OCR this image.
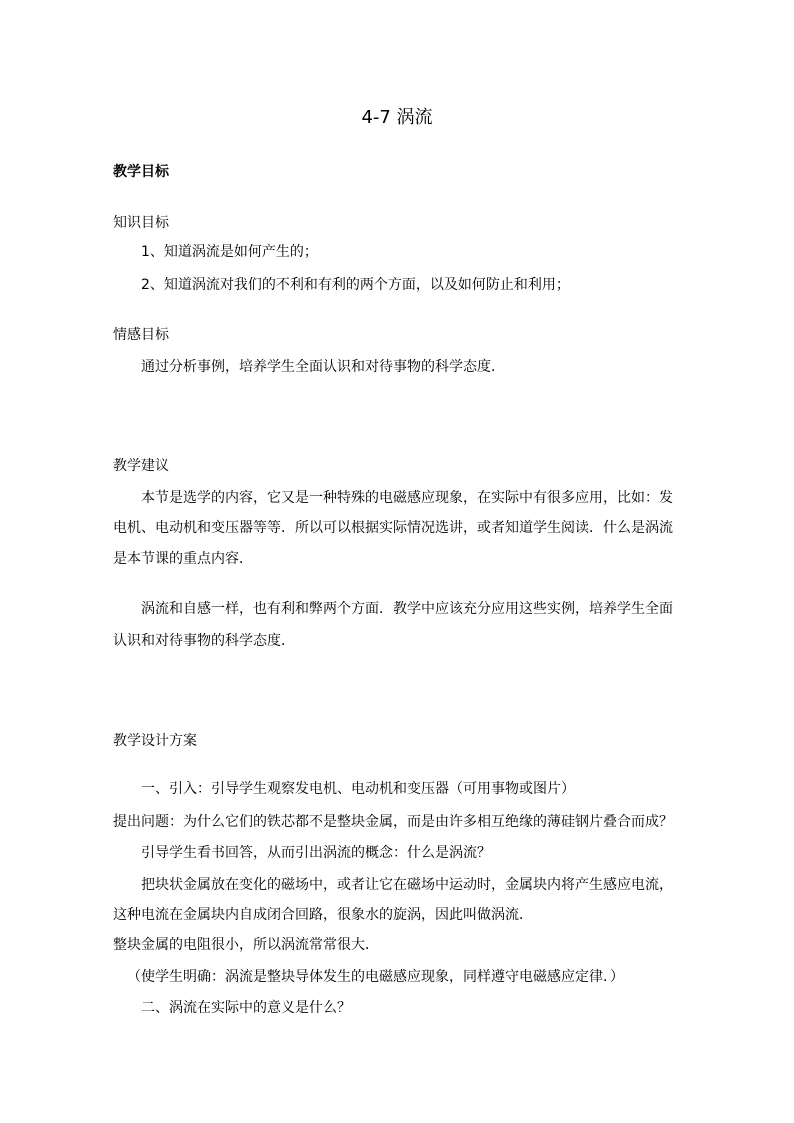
4-7 涡流
教学目标
知识目标
1、知道涡流是如何产生的；
2、知道涡流对我们的不利和有利的两个方面，以及如何防止和利用；
情感目标
通过分析事例，培养学生全面认识和对待事物的科学态度．
教学建议
本节是选学的内容，它又是一种特殊的电磁感应现象，在实际中有很多应用，比如：发
电机、电动机和变压器等等．所以可以根据实际情况选讲，或者知道学生阅读．什么是涡流
是本节课的重点内容．
涡流和自感一样，也有利和弊两个方面．教学中应该充分应用这些实例，培养学生全面
认识和对待事物的科学态度．
教学设计方案
一、引入：引导学生观察发电机、电动机和变压器（可用事物或图片）
提出问题：为什么它们的铁芯都不是整块金属，而是由许多相互绝缘的薄硅钢片叠合而成？
引导学生看书回答，从而引出涡流的概念：什么是涡流？
把块状金属放在变化的磁场中，或者让它在磁场中运动时，金属块内将产生感应电流，
这种电流在金属块内自成闭合回路，很象水的旋涡，因此叫做涡流．
整块金属的电阻很小，所以涡流常常很大．
（使学生明确：涡流是整块导体发生的电磁感应现象，同样遵守电磁感应定律．）
二、涡流在实际中的意义是什么？
